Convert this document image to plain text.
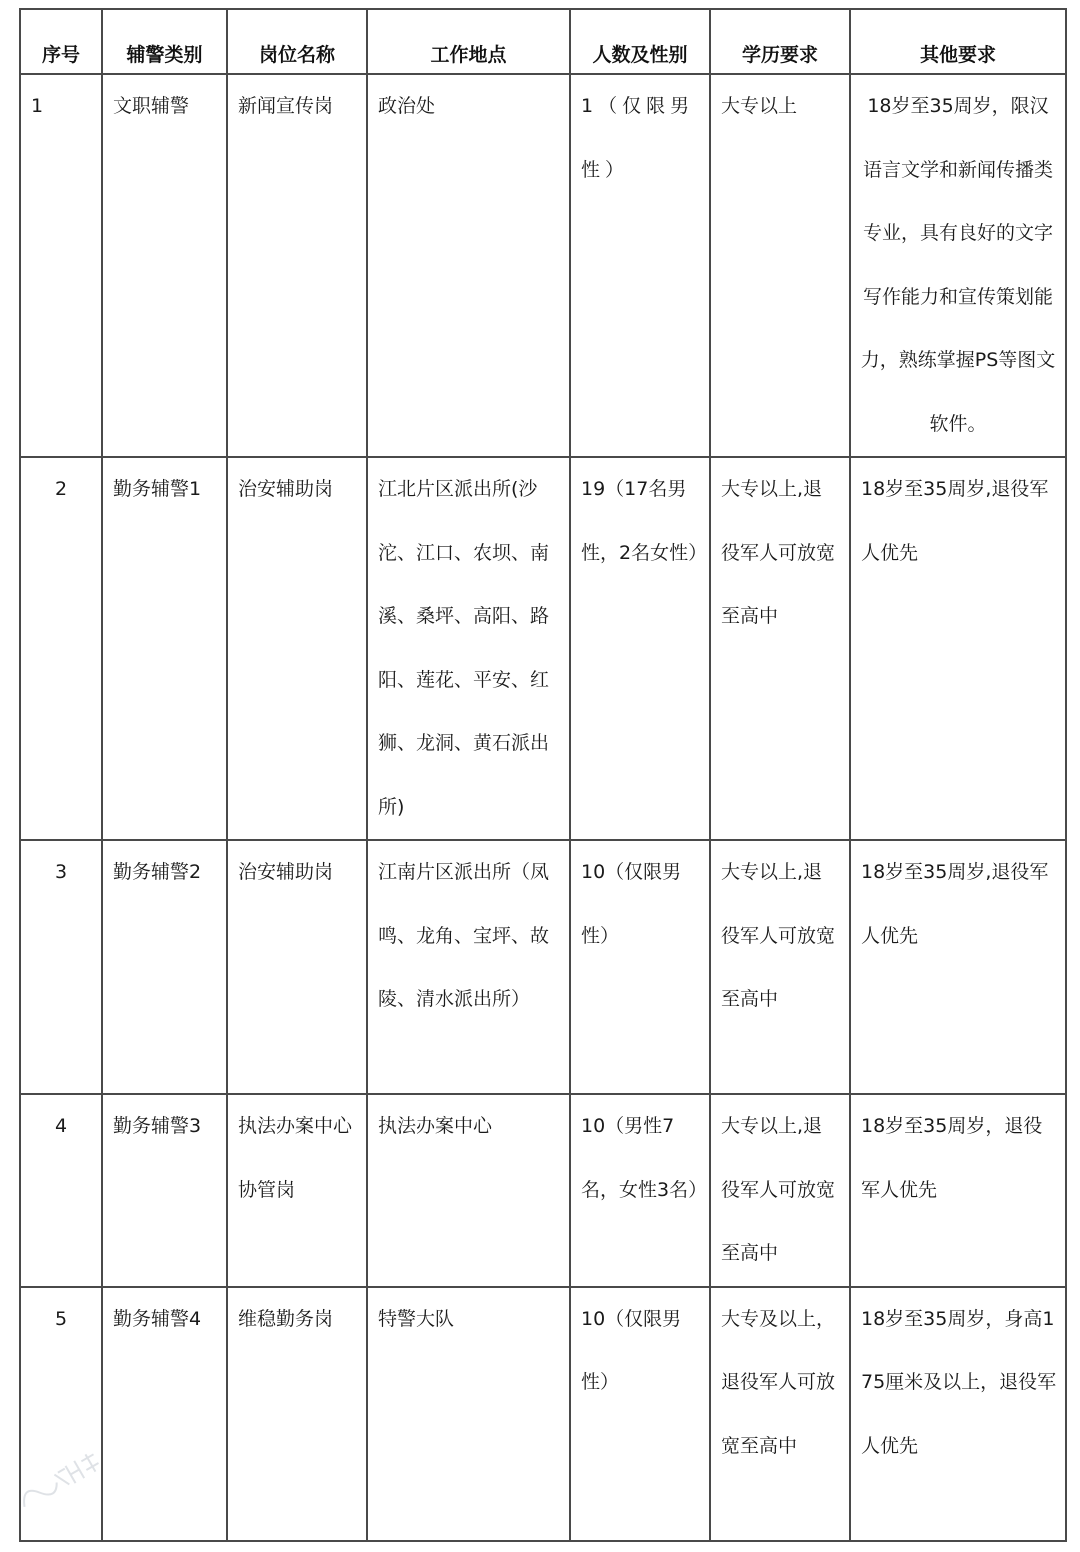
序号	辅警类别	岗位名称	工作地点	人数及性别	学历要求	其他要求

1	文职辅警	新闻宣传岗	政治处	1（仅限男性）	大专以上	18岁至35周岁，限汉语言文学和新闻传播类专业，具有良好的文字写作能力和宣传策划能力，熟练掌握PS等图文软件。

2	勤务辅警1	治安辅助岗	江北片区派出所(沙沱、江口、农坝、南溪、桑坪、高阳、路阳、莲花、平安、红狮、龙洞、黄石派出所)	19（17名男性，2名女性）	大专以上,退役军人可放宽至高中	18岁至35周岁,退役军人优先

3	勤务辅警2	治安辅助岗	江南片区派出所（凤鸣、龙角、宝坪、故陵、清水派出所）	10（仅限男性）	大专以上,退役军人可放宽至高中	18岁至35周岁,退役军人优先

4	勤务辅警3	执法办案中心协管岗	执法办案中心	10（男性7名，女性3名）	大专以上,退役军人可放宽至高中	18岁至35周岁，退役军人优先

5	勤务辅警4	维稳勤务岗	特警大队	10（仅限男性）	大专及以上，退役军人可放宽至高中	18岁至35周岁，身高175厘米及以上，退役军人优先
